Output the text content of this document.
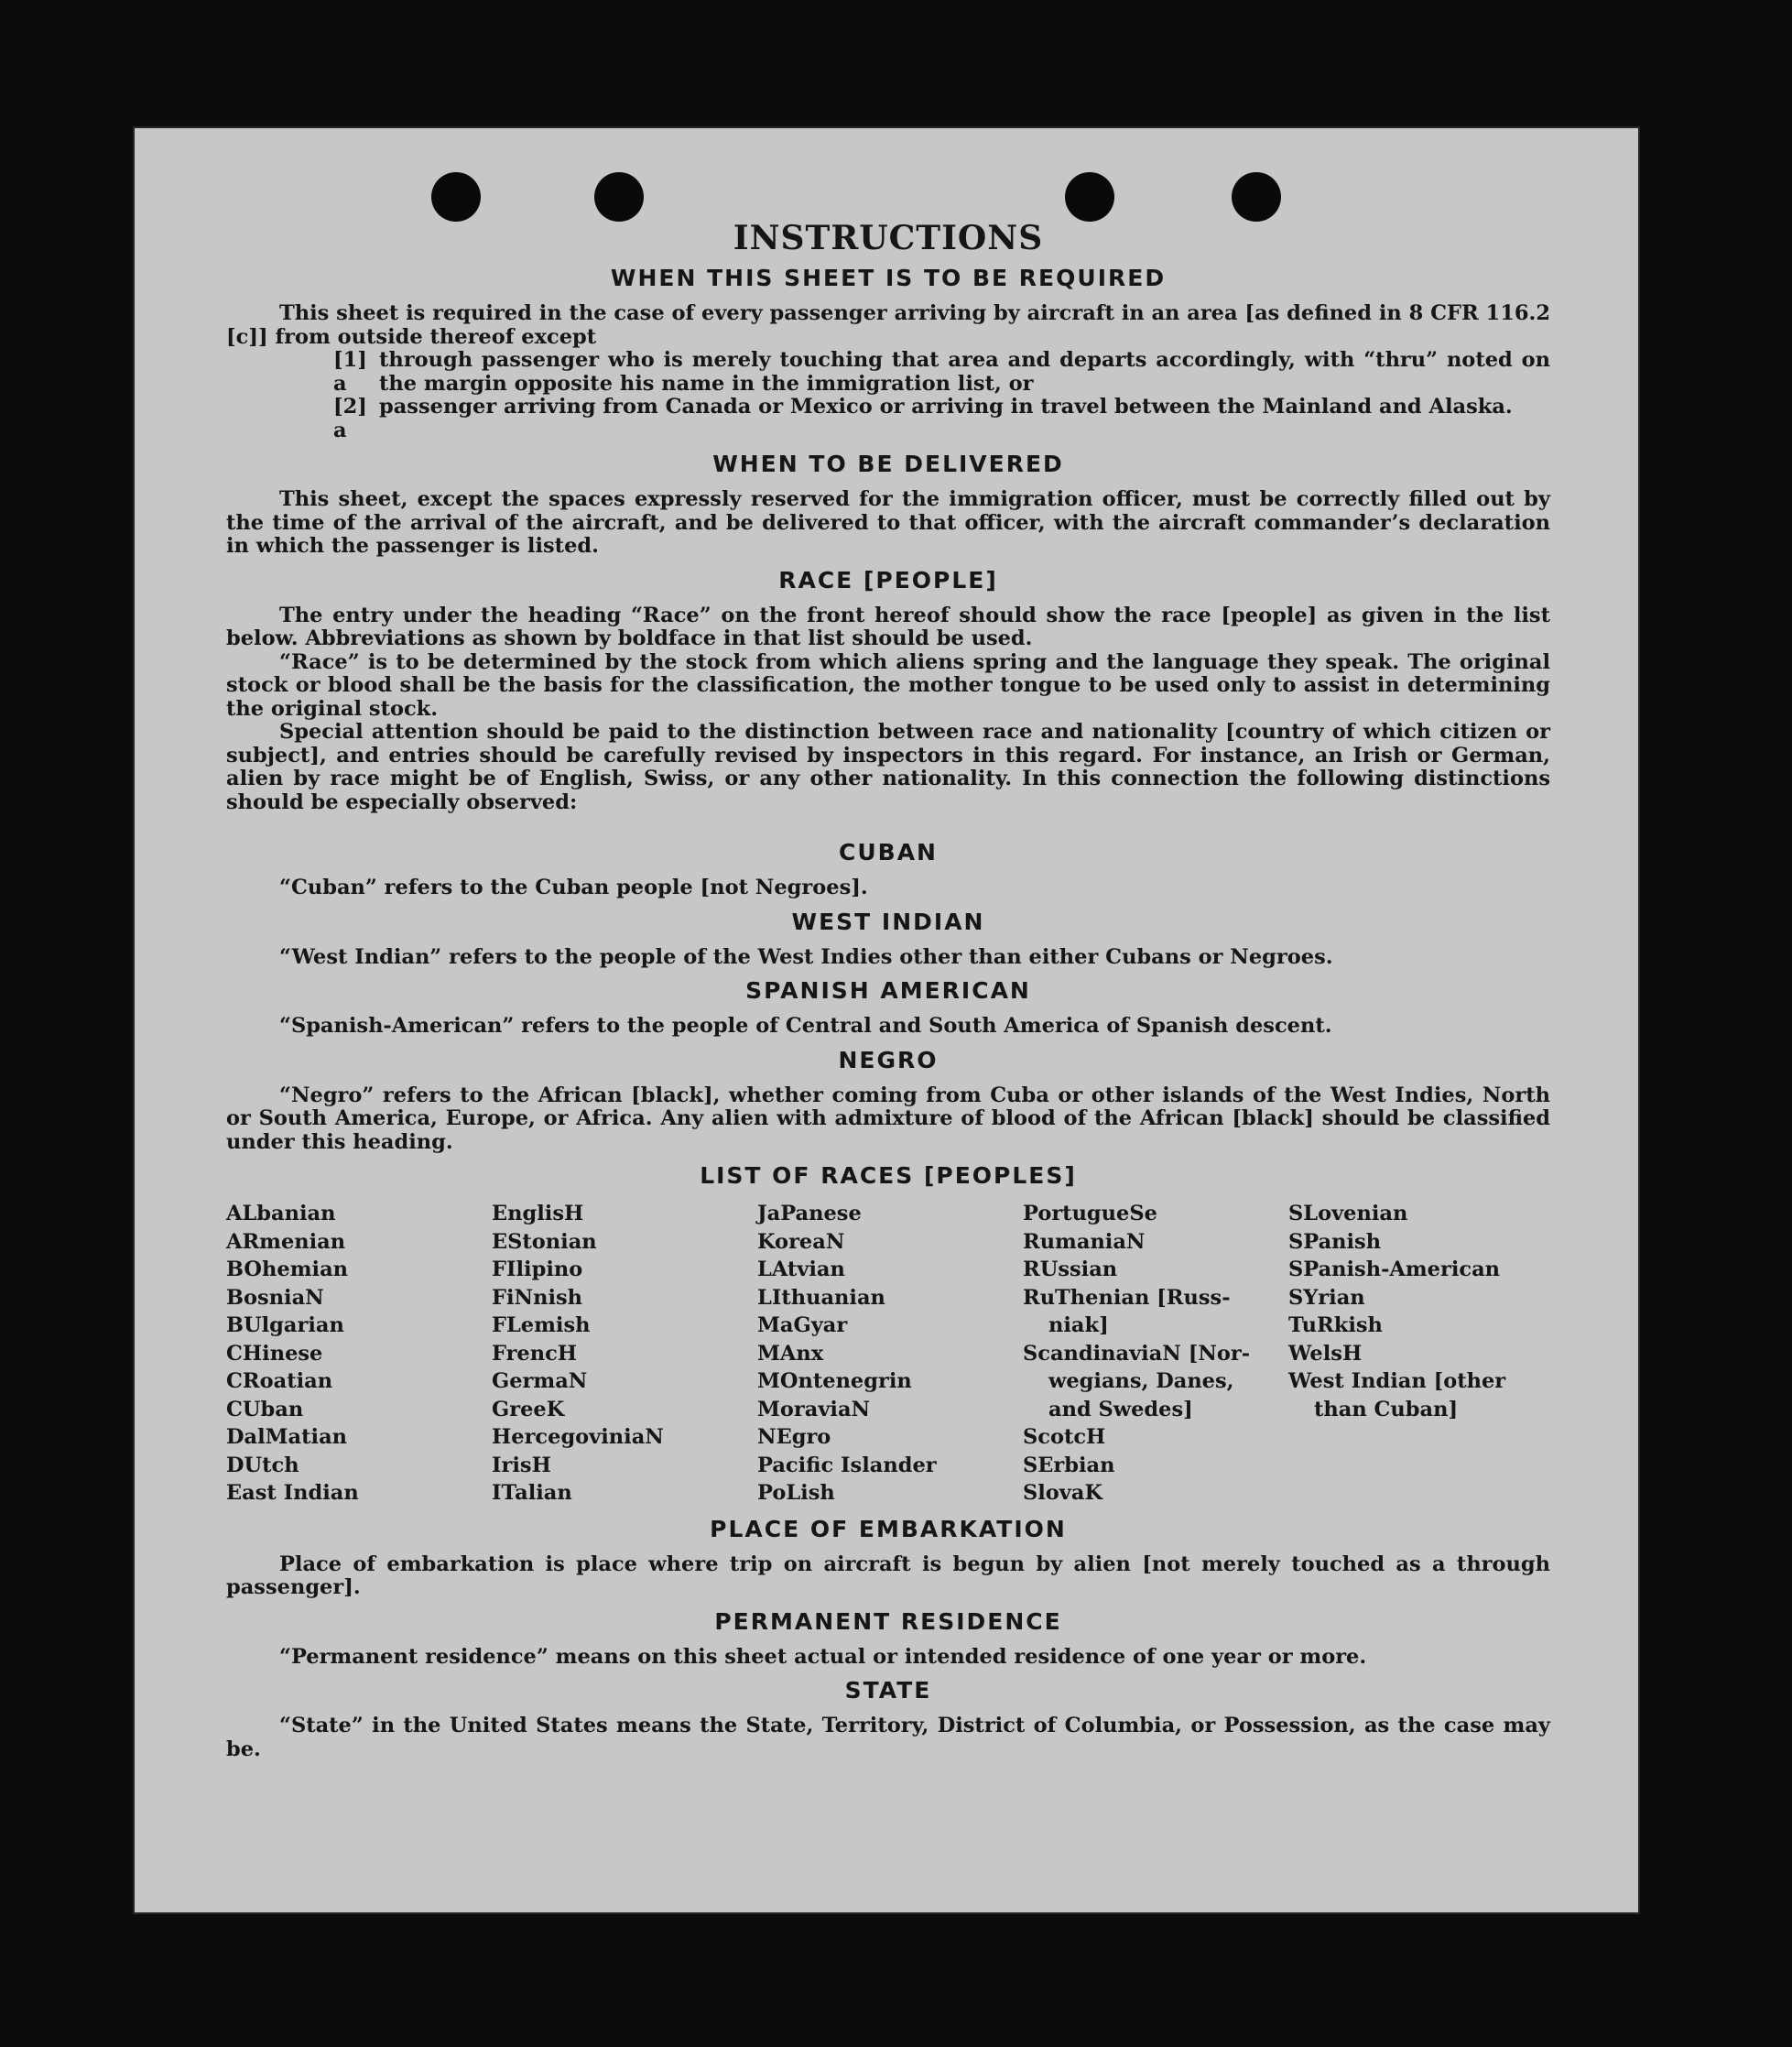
INSTRUCTIONS
WHEN THIS SHEET IS TO BE REQUIRED

This sheet is required in the case of every passenger arriving by aircraft in an area [as defined in 8 CFR 116.2 [c]] from outside thereof except

[1] a
through passenger who is merely touching that area and departs accordingly, with “thru” noted on the margin opposite his name in the immigration list, or
[2] a
passenger arriving from Canada or Mexico or arriving in travel between the Mainland and Alaska.
WHEN TO BE DELIVERED

This sheet, except the spaces expressly reserved for the immigration officer, must be correctly filled out by the time of the arrival of the aircraft, and be delivered to that officer, with the aircraft commander’s declaration in which the passenger is listed.

RACE [PEOPLE]

The entry under the heading “Race” on the front hereof should show the race [people] as given in the list below. Abbreviations as shown by boldface in that list should be used.

“Race” is to be determined by the stock from which aliens spring and the language they speak. The original stock or blood shall be the basis for the classification, the mother tongue to be used only to assist in determining the original stock.

Special attention should be paid to the distinction between race and nationality [country of which citizen or subject], and entries should be carefully revised by inspectors in this regard. For instance, an Irish or German, alien by race might be of English, Swiss, or any other nationality. In this connection the following distinctions should be especially observed:

CUBAN

“Cuban” refers to the Cuban people [not Negroes].

WEST INDIAN

“West Indian” refers to the people of the West Indies other than either Cubans or Negroes.

SPANISH AMERICAN

“Spanish-American” refers to the people of Central and South America of Spanish descent.

NEGRO

“Negro” refers to the African [black], whether coming from Cuba or other islands of the West Indies, North or South America, Europe, or Africa. Any alien with admixture of blood of the African [black] should be classified under this heading.

LIST OF RACES [PEOPLES]
ALbanian
ARmenian
BOhemian
BosniaN
BUlgarian
CHinese
CRoatian
CUban
DalMatian
DUtch
East Indian
EnglisH
EStonian
FIlipino
FiNnish
FLemish
FrencH
GermaN
GreeK
HercegovinіaN
IrisH
ITalian
JaPanese
KoreaN
LAtvian
LIthuanian
MaGyar
MAnx
MOntenegrin
MoraviaN
NEgro
Pacific Islander
PoLish
PortugueSe
RumaniaN
RUssian
RuThenian [Russ-
niak]
ScandinaviaN [Nor-
wegians, Danes,
and Swedes]
ScotcH
SErbian
SlovaK
SLovenian
SPanish
SPanish-American
SYrian
TuRkish
WelsH
West Indian [other
than Cuban]
PLACE OF EMBARKATION

Place of embarkation is place where trip on aircraft is begun by alien [not merely touched as a through passenger].

PERMANENT RESIDENCE

“Permanent residence” means on this sheet actual or intended residence of one year or more.

STATE

“State” in the United States means the State, Territory, District of Columbia, or Possession, as the case may be.
